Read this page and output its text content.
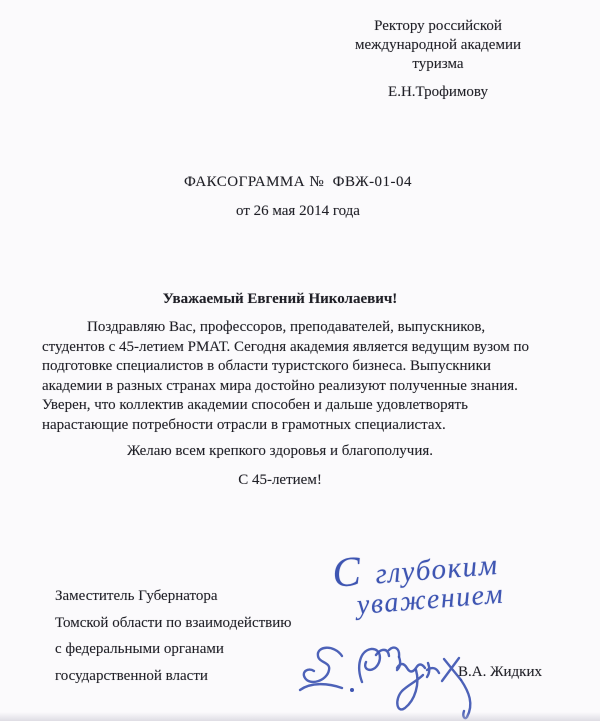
Ректору российской
международной академии
туризма
Е.Н.Трофимову
ФАКСОГРАММА №  ФВЖ-01-04
от 26 мая 2014 года
Уважаемый Евгений Николаевич!

Поздравляю Вас, профессоров, преподавателей, выпускников, студентов с 45-летием РМАТ. Сегодня академия является ведущим вузом по подготовке специалистов в области туристского бизнеса. Выпускники академии в разных странах мира достойно реализуют полученные знания. Уверен, что коллектив академии способен и дальше удовлетворять нарастающие потребности отрасли в грамотных специалистах.

Желаю всем крепкого здоровья и благополучия.
С 45-летием!
Заместитель Губернатора
Томской области по взаимодействию
с федеральными органами
государственной власти
С глубоким
уважением
В.А. Жидких
